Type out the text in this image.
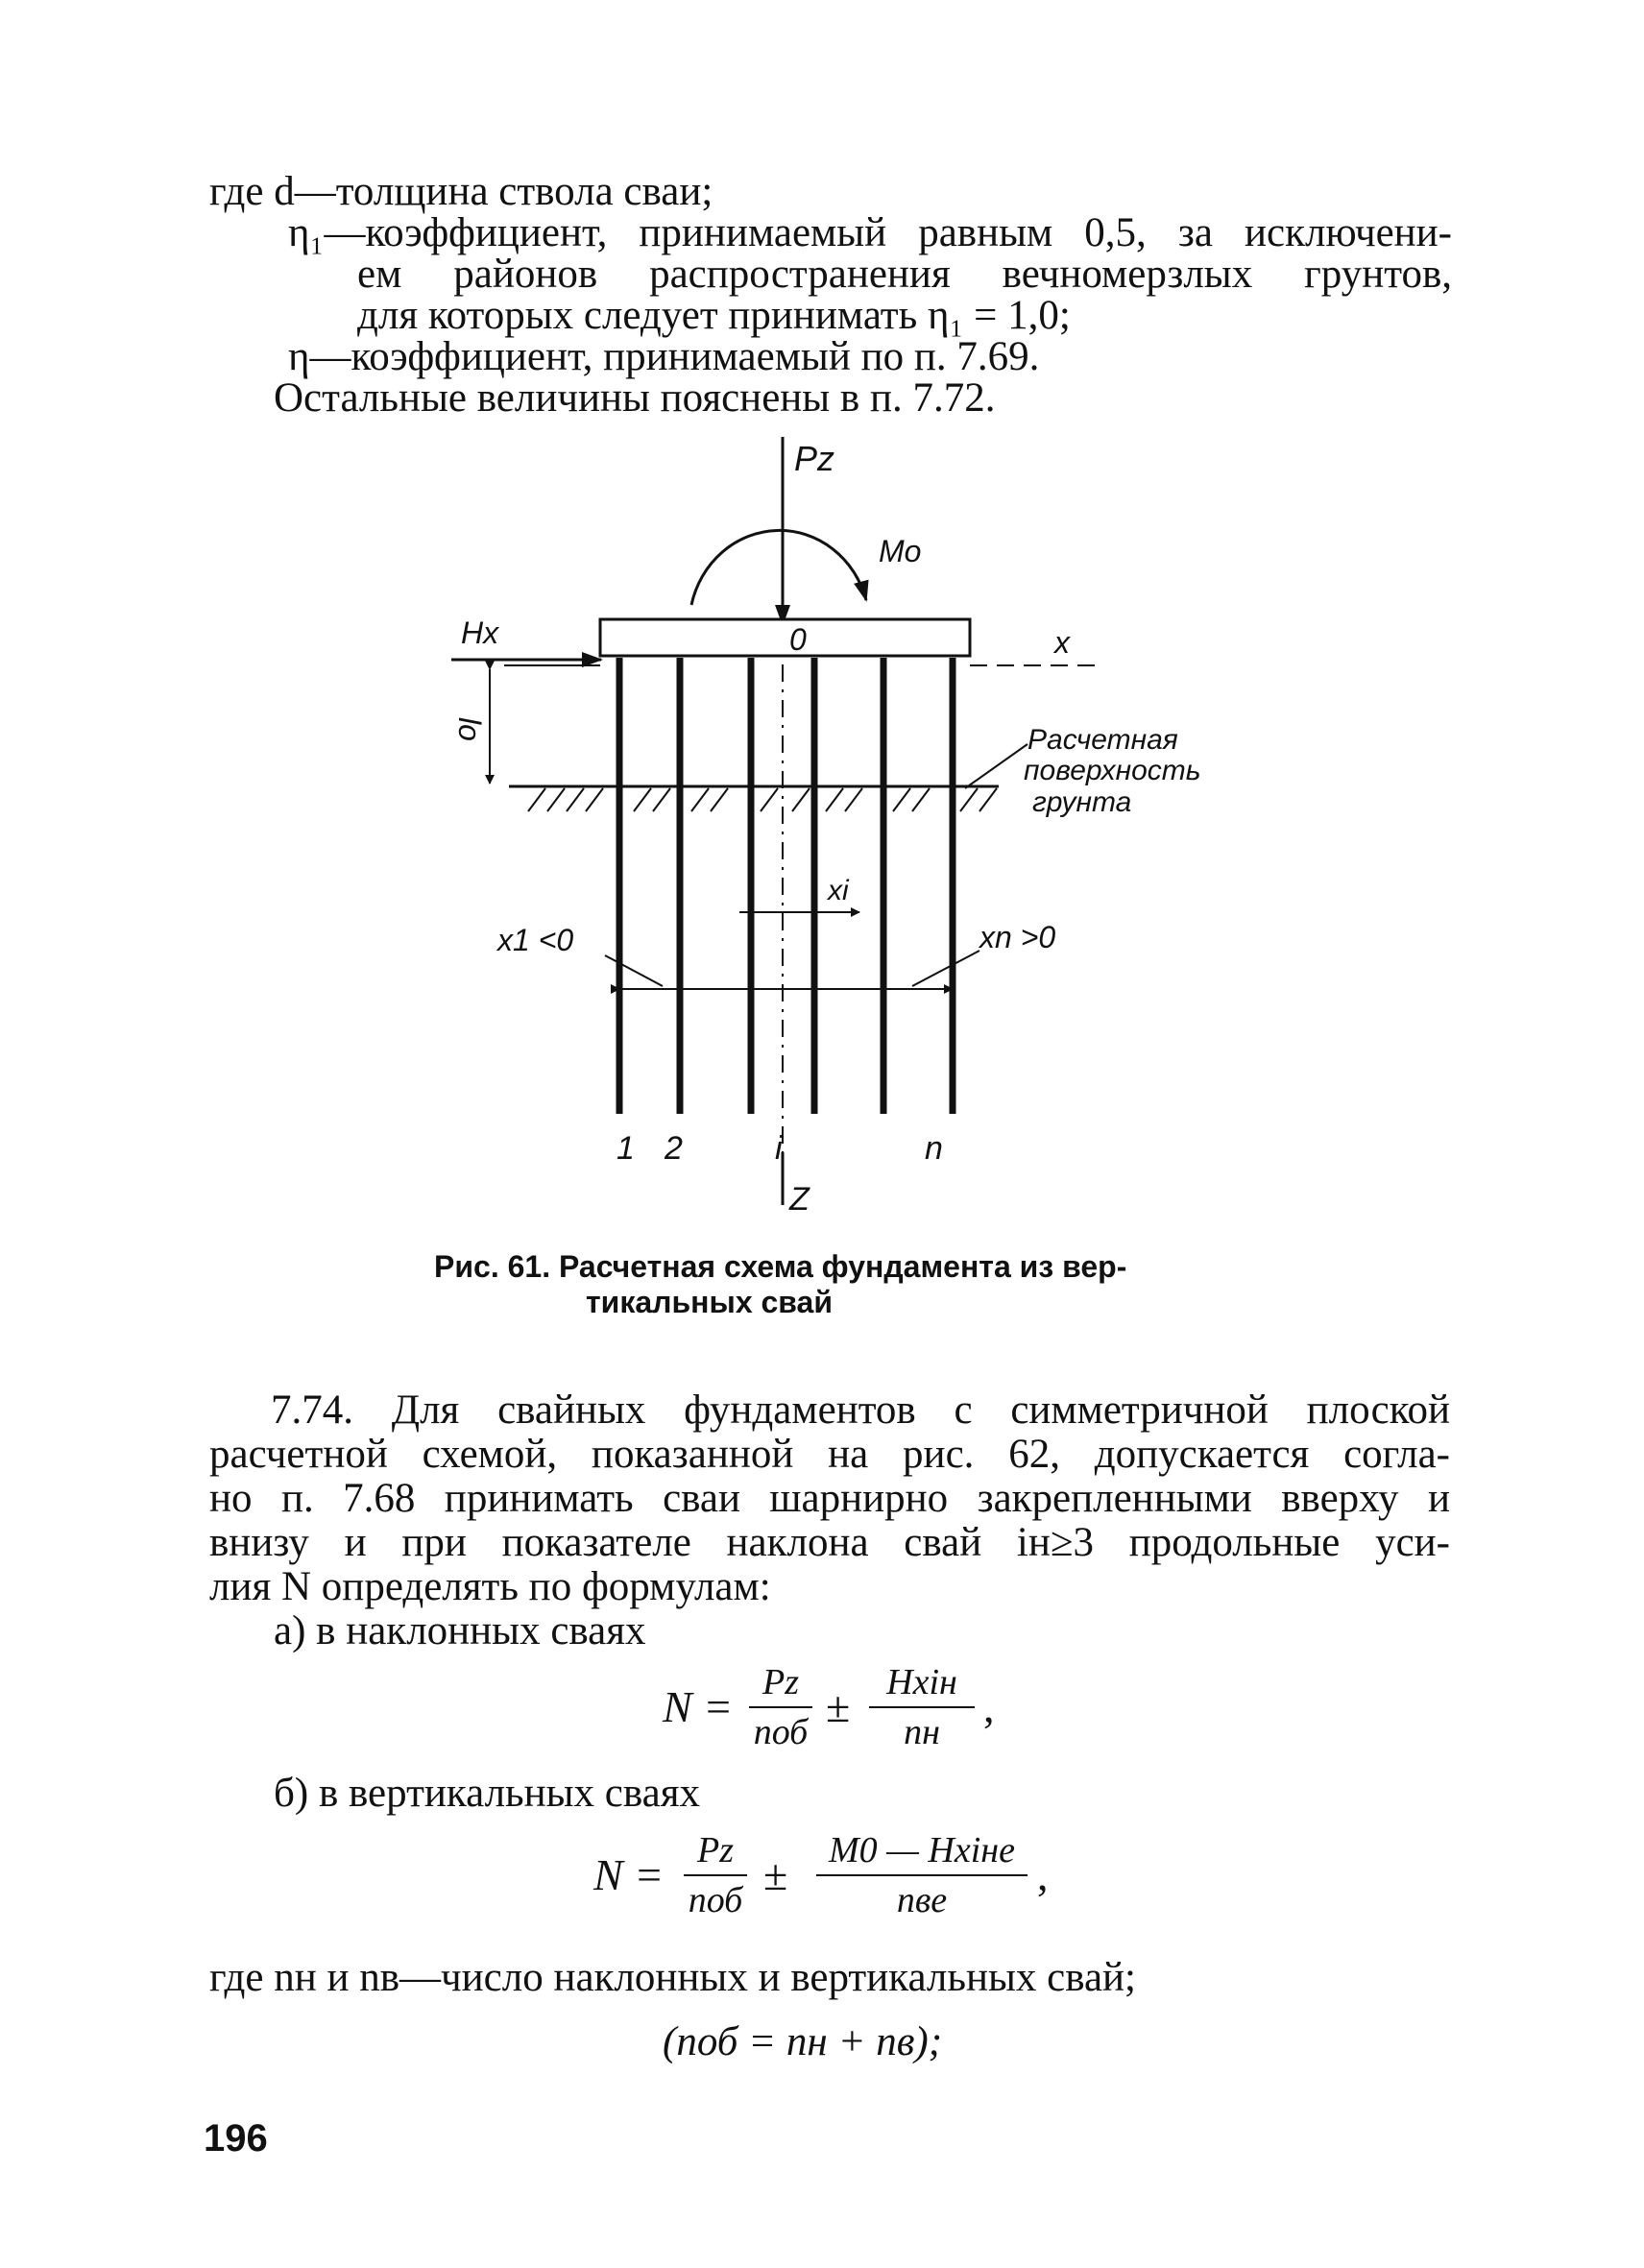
где d—толщина ствола сваи;
η₁—коэффициент, принимаемый равным 0,5, за исключени-
ем районов распространения вечномерзлых грунтов,
для которых следует принимать η₁ = 1,0;
η—коэффициент, принимаемый по п. 7.69.
Остальные величины пояснены в п. 7.72.
Pz
Mo
Hx	0	x
lo	Расчетная
поверхность
грунта
xi
x1 <0	xn >0
1 2	i	n
Z
Рис. 61. Расчетная схема фундамента из вер-
тикальных свай
7.74. Для свайных фундаментов с симметричной плоской
расчетной схемой, показанной на рис. 62, допускается согла-
но п. 7.68 принимать сваи шарнирно закрепленными вверху и
внизу и при показателе наклона свай iн≥3 продольные уси-
лия N определять по формулам:
а) в наклонных сваях
N = Pz
nоб
± Hxiн
nн
,
б) в вертикальных сваях
N = Pz
nоб
±	M0 — Hxiнe
nвe
,
где nн и nв—число наклонных и вертикальных свай;
(nоб = nн + nв);
196
